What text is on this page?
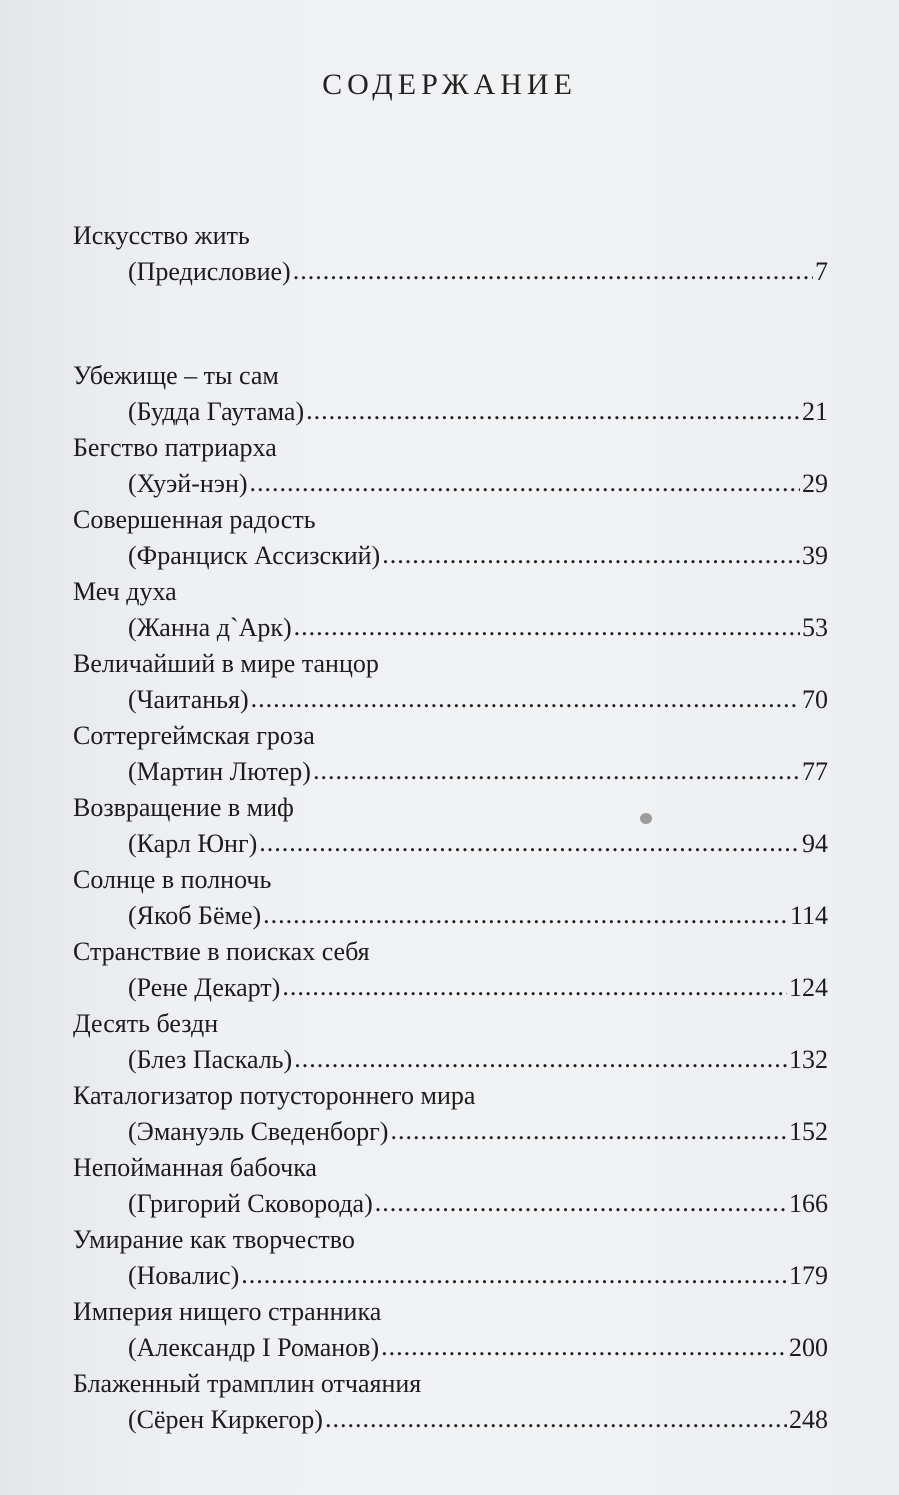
СОДЕРЖАНИЕ
Искусство жить
(Предисловие) .....	7
Убежище – ты сам
(Будда Гаутама) .....	21
Бегство патриарха
(Хуэй-нэн) .....	29
Совершенная радость
(Франциск Ассизский) .....	39
Меч духа
(Жанна д`Арк) .....	53
Величайший в мире танцор
(Чаитанья) .....	70
Соттергеймская гроза
(Мартин Лютер) .....	77
Возвращение в миф
(Карл Юнг) .....	94
Солнце в полночь
(Якоб Бёме) .....	114
Странствие в поисках себя
(Рене Декарт) .....	124
Десять бездн
(Блез Паскаль) .....	132
Каталогизатор потустороннего мира
(Эмануэль Сведенборг) .....	152
Непойманная бабочка
(Григорий Сковорода) .....	166
Умирание как творчество
(Новалис) .....	179
Империя нищего странника
(Александр I Романов) .....	200
Блаженный трамплин отчаяния
(Сёрен Киркегор) .....	248
